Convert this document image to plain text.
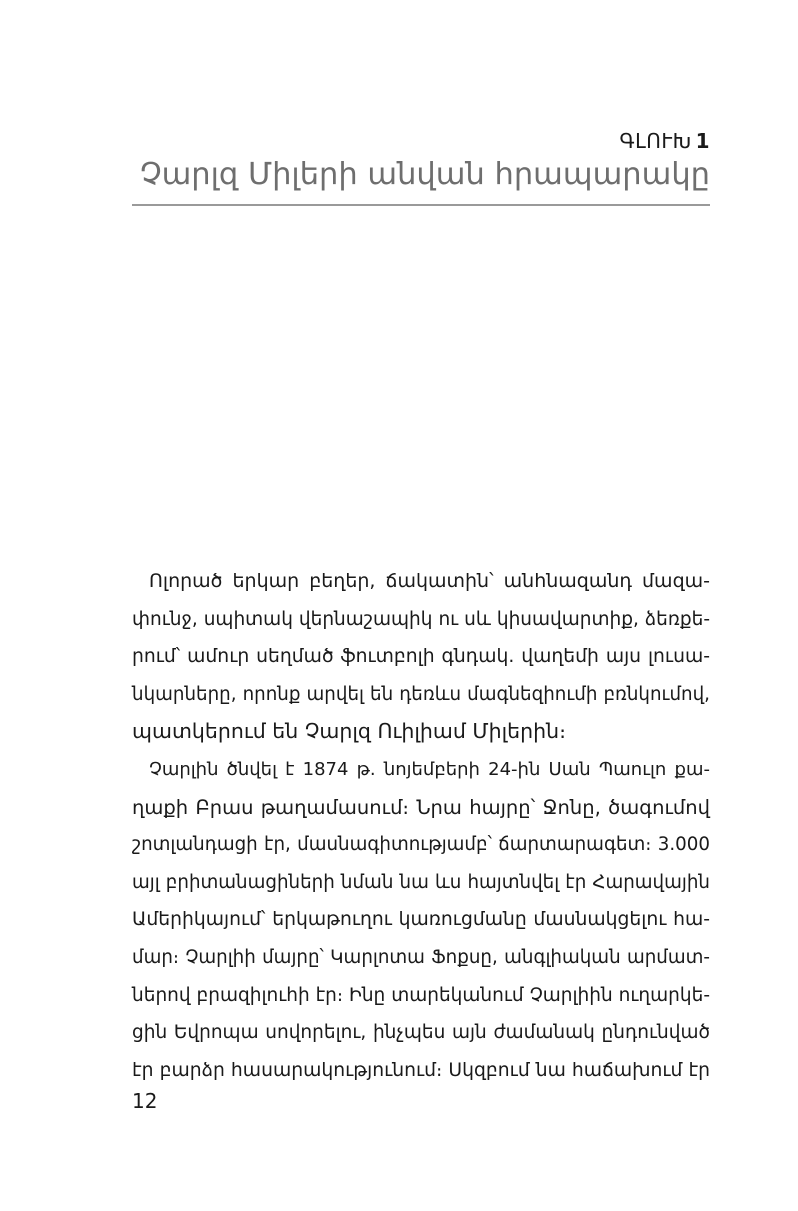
ԳԼՈՒԽ 1
Չարլզ Միլերի անվան հրապարակը
Ոլորած երկար բեղեր, ճակատին՝ անհնազանդ մազա-
փունջ, սպիտակ վերնաշապիկ ու սև կիսավարտիք, ձեռքե-
րում՝ ամուր սեղմած ֆուտբոլի գնդակ. վաղեմի այս լուսա-
նկարները, որոնք արվել են դեռևս մագնեզիումի բռնկումով,
պատկերում են Չարլզ Ուիլիամ Միլերին։
Չարլին ծնվել է 1874 թ. նոյեմբերի 24-ին Սան Պաուլո քա-
ղաքի Բրաս թաղամասում։ Նրա հայրը՝ Ջոնը, ծագումով
շոտլանդացի էր, մասնագիտությամբ՝ ճարտարագետ։ 3.000
այլ բրիտանացիների նման նա ևս հայտնվել էր Հարավային
Ամերիկայում՝ երկաթուղու կառուցմանը մասնակցելու հա-
մար։ Չարլիի մայրը՝ Կարլոտա Ֆոքսը, անգլիական արմատ-
ներով բրազիլուհի էր։ Ինը տարեկանում Չարլիին ուղարկե-
ցին Եվրոպա սովորելու, ինչպես այն ժամանակ ընդունված
էր բարձր հասարակությունում։ Սկզբում նա հաճախում էր
12
